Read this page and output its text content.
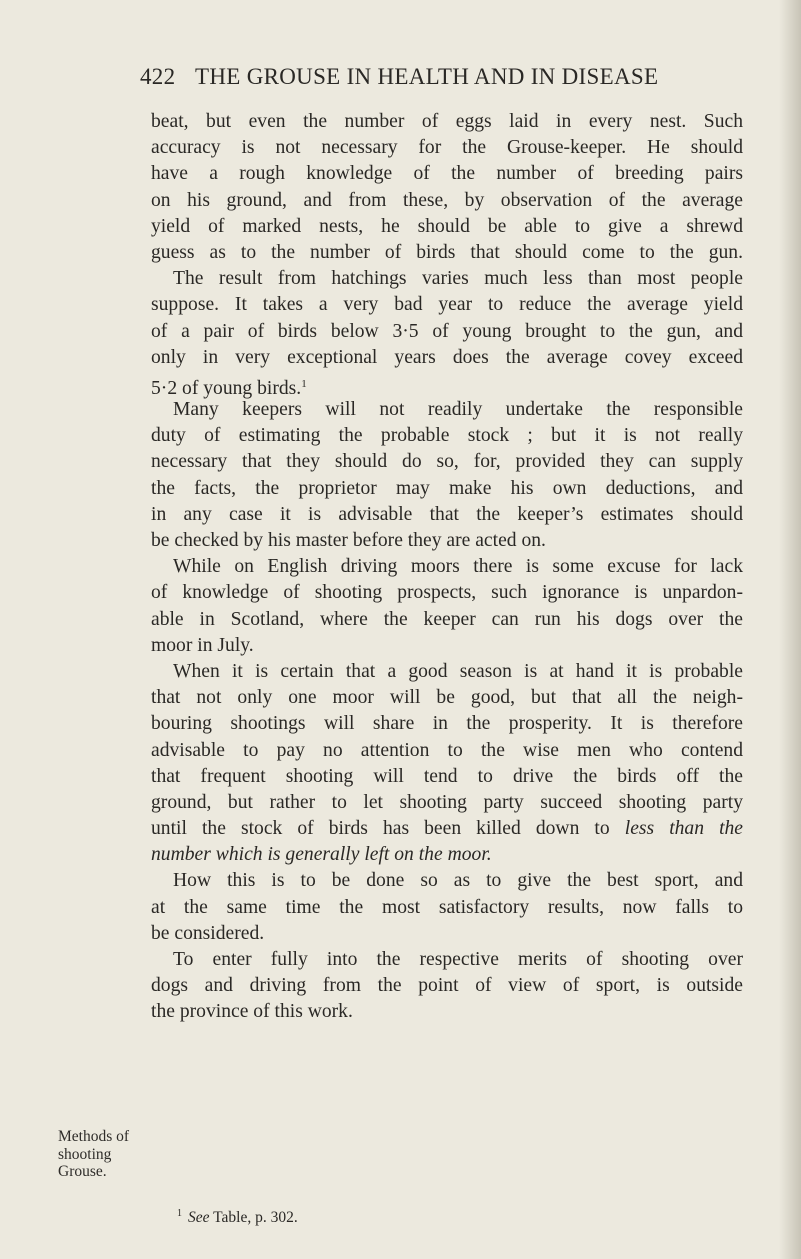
422 THE GROUSE IN HEALTH AND IN DISEASE
beat, but even the number of eggs laid in every nest. Such
accuracy is not necessary for the Grouse-keeper. He should
have a rough knowledge of the number of breeding pairs
on his ground, and from these, by observation of the average
yield of marked nests, he should be able to give a shrewd
guess as to the number of birds that should come to the gun.
The result from hatchings varies much less than most people
suppose. It takes a very bad year to reduce the average yield
of a pair of birds below 3·5 of young brought to the gun, and
only in very exceptional years does the average covey exceed
5·2 of young birds.$^1$
Many keepers will not readily undertake the responsible
duty of estimating the probable stock ; but it is not really
necessary that they should do so, for, provided they can supply
the facts, the proprietor may make his own deductions, and
in any case it is advisable that the keeper’s estimates should
be checked by his master before they are acted on.
While on English driving moors there is some excuse for lack
of knowledge of shooting prospects, such ignorance is unpardon-
able in Scotland, where the keeper can run his dogs over the
moor in July.
When it is certain that a good season is at hand it is probable
that not only one moor will be good, but that all the neigh-
bouring shootings will share in the prosperity. It is therefore
advisable to pay no attention to the wise men who contend
that frequent shooting will tend to drive the birds off the
ground, but rather to let shooting party succeed shooting party
until the stock of birds has been killed down to less than the
number which is generally left on the moor.
How this is to be done so as to give the best sport, and
at the same time the most satisfactory results, now falls to
be considered.
To enter fully into the respective merits of shooting over
dogs and driving from the point of view of sport, is outside
the province of this work.
Methods of
shooting
Grouse.
$^1$ See Table, p. 302.
